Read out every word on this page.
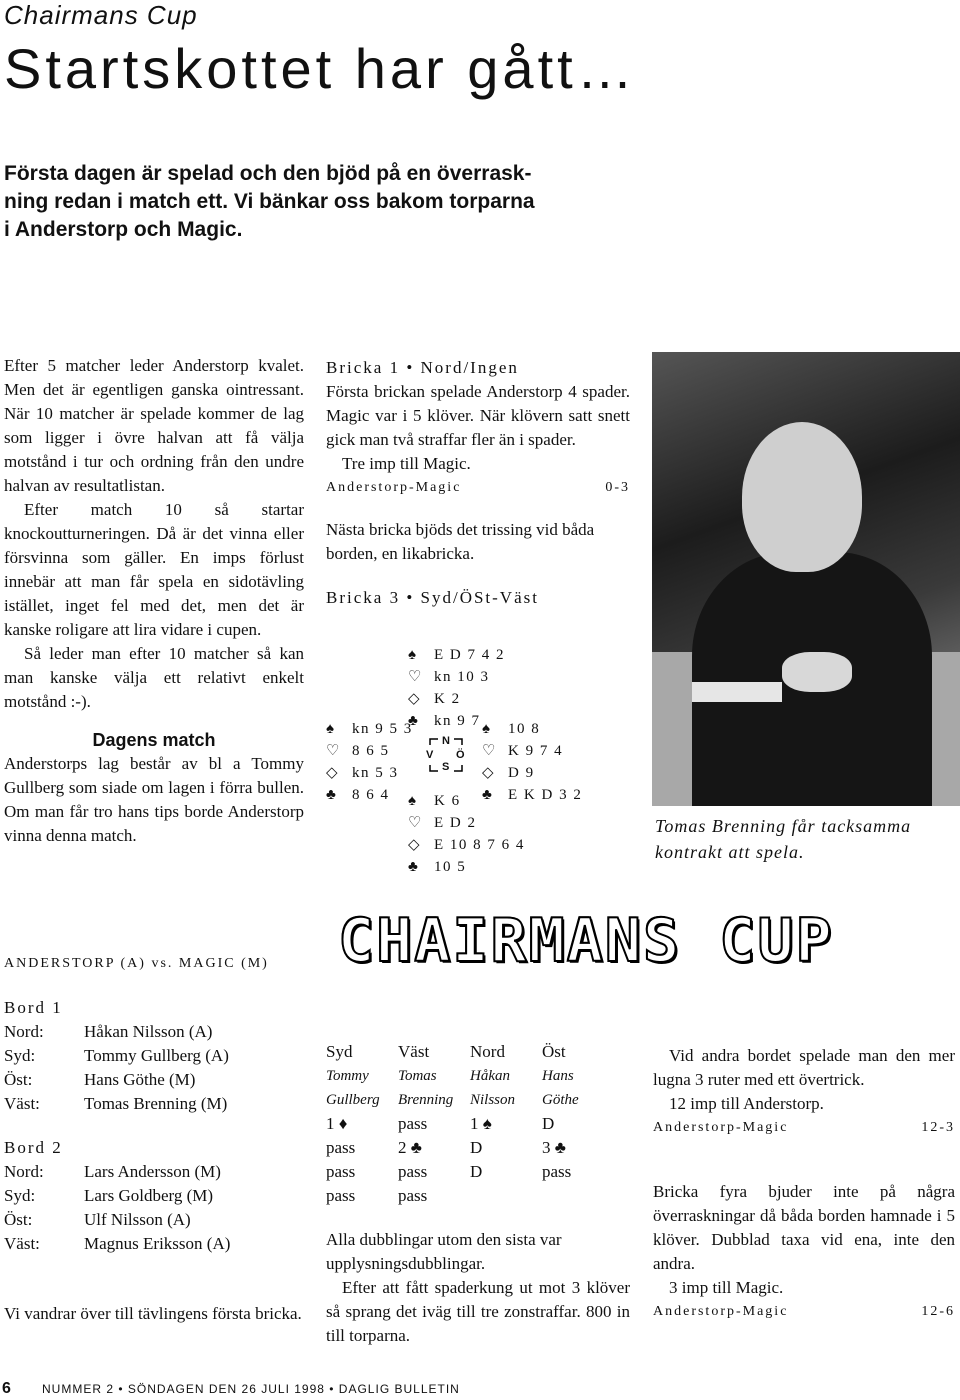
Chairmans Cup
Startskottet har gått…
Första dagen är spelad och den bjöd på en överrask-
ning redan i match ett. Vi bänkar oss bakom torparna
i Anderstorp och Magic.

Efter 5 matcher leder Anderstorp kvalet. Men det är egentligen ganska ointressant. När 10 matcher är spelade kommer de lag som ligger i övre halvan att få välja motstånd i tur och ordning från den undre halvan av resultatlistan.

Efter match 10 så startar knockoutturneringen. Då är det vinna eller försvinna som gäller. En imps förlust innebär att man får spela en sidotävling istället, inget fel med det, men det är kanske roligare att lira vidare i cupen.

Så leder man efter 10 matcher så kan man kanske välja ett relativt enkelt motstånd :-).

Dagens match

Anderstorps lag består av bl a Tommy Gullberg som siade om lagen i förra bullen. Om man får tro hans tips borde Anderstorp vinna denna match.

ANDERSTORP (A) vs. MAGIC (M)
Bricka 1 • Nord/Ingen

Första brickan spelade Anderstorp 4 spader. Magic var i 5 klöver. När klövern satt snett gick man två straffar fler än i spader.

Tre imp till Magic.

Anderstorp-Magic	0-3

Nästa bricka bjöds det trissing vid båda borden, en likabricka.

Bricka 3 • Syd/ÖSt-Väst
♠ E D 7 4 2
♡ kn 10 3
◇ K 2
♣ kn 9 7
♠ kn 9 5 3
♡ 8 6 5
◇ kn 5 3
♣ 8 6 4
N
V Ö
S
♠ 10 8
♡ K 9 7 4
◇ D 9
♣ E K D 3 2
♠ K 6
♡ E D 2
◇ E 10 8 7 6 4
♣ 10 5
Tomas Brenning får tacksamma kontrakt att spela.
CHAIRMANS CUP
Bord 1
Nord:	Håkan Nilsson (A)
Syd:	Tommy Gullberg (A)
Öst:	Hans Göthe (M)
Väst:	Tomas Brenning (M)
Bord 2
Nord:	Lars Andersson (M)
Syd:	Lars Goldberg (M)
Öst:	Ulf Nilsson (A)
Väst:	Magnus Eriksson (A)

Vi vandrar över till tävlingens första bricka.

Syd	Väst	Nord	Öst
Tommy	Tomas	Håkan	Hans
Gullberg	Brenning	Nilsson	Göthe
1 ♦	pass	1 ♠	D
pass	2 ♣	D	3 ♣
pass	pass	D	pass
pass	pass		

Alla dubblingar utom den sista var upplysningsdubblingar.

Efter att fått spaderkung ut mot 3 klöver så sprang det iväg till tre zonstraffar. 800 in till torparna.

Vid andra bordet spelade man den mer lugna 3 ruter med ett övertrick.

12 imp till Anderstorp.

Anderstorp-Magic	12-3

Bricka fyra bjuder inte på några överraskningar då båda borden hamnade i 5 klöver. Dubblad taxa vid ena, inte den andra.

3 imp till Magic.

Anderstorp-Magic	12-6
6	NUMMER 2 • SÖNDAGEN DEN 26 JULI 1998 • DAGLIG BULLETIN
